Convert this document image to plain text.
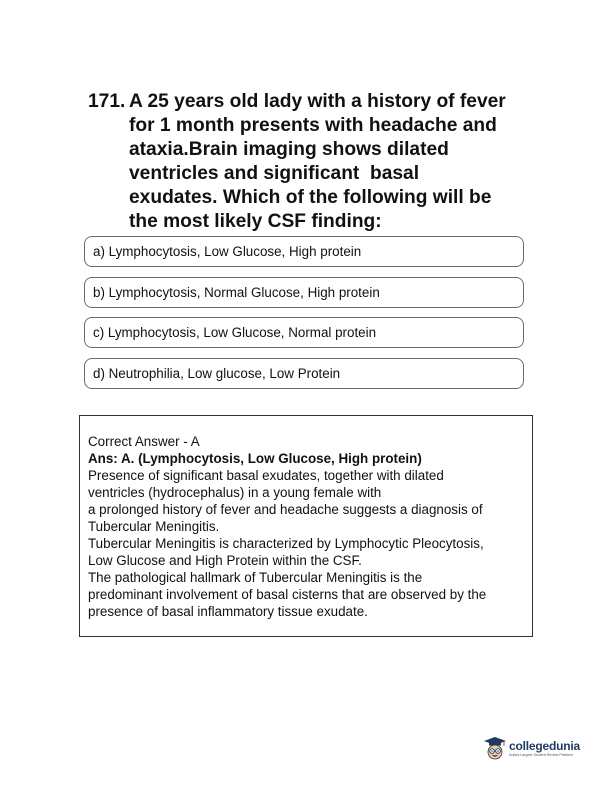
171. A 25 years old lady with a history of fever
for 1 month presents with headache and
ataxia.Brain imaging shows dilated
ventricles and significant  basal
exudates. Which of the following will be
the most likely CSF finding:
a) Lymphocytosis, Low Glucose, High protein
b) Lymphocytosis, Normal Glucose, High protein
c) Lymphocytosis, Low Glucose, Normal protein
d) Neutrophilia, Low glucose, Low Protein
Correct Answer - A
Ans: A. (Lymphocytosis, Low Glucose, High protein)
Presence of significant basal exudates, together with dilated
ventricles (hydrocephalus) in a young female with
a prolonged history of fever and headache suggests a diagnosis of
Tubercular Meningitis.
Tubercular Meningitis is characterized by Lymphocytic Pleocytosis,
Low Glucose and High Protein within the CSF.
The pathological hallmark of Tubercular Meningitis is the
predominant involvement of basal cisterns that are observed by the
presence of basal inflammatory tissue exudate.
collegedunia
India's Largest Student Review Platform
